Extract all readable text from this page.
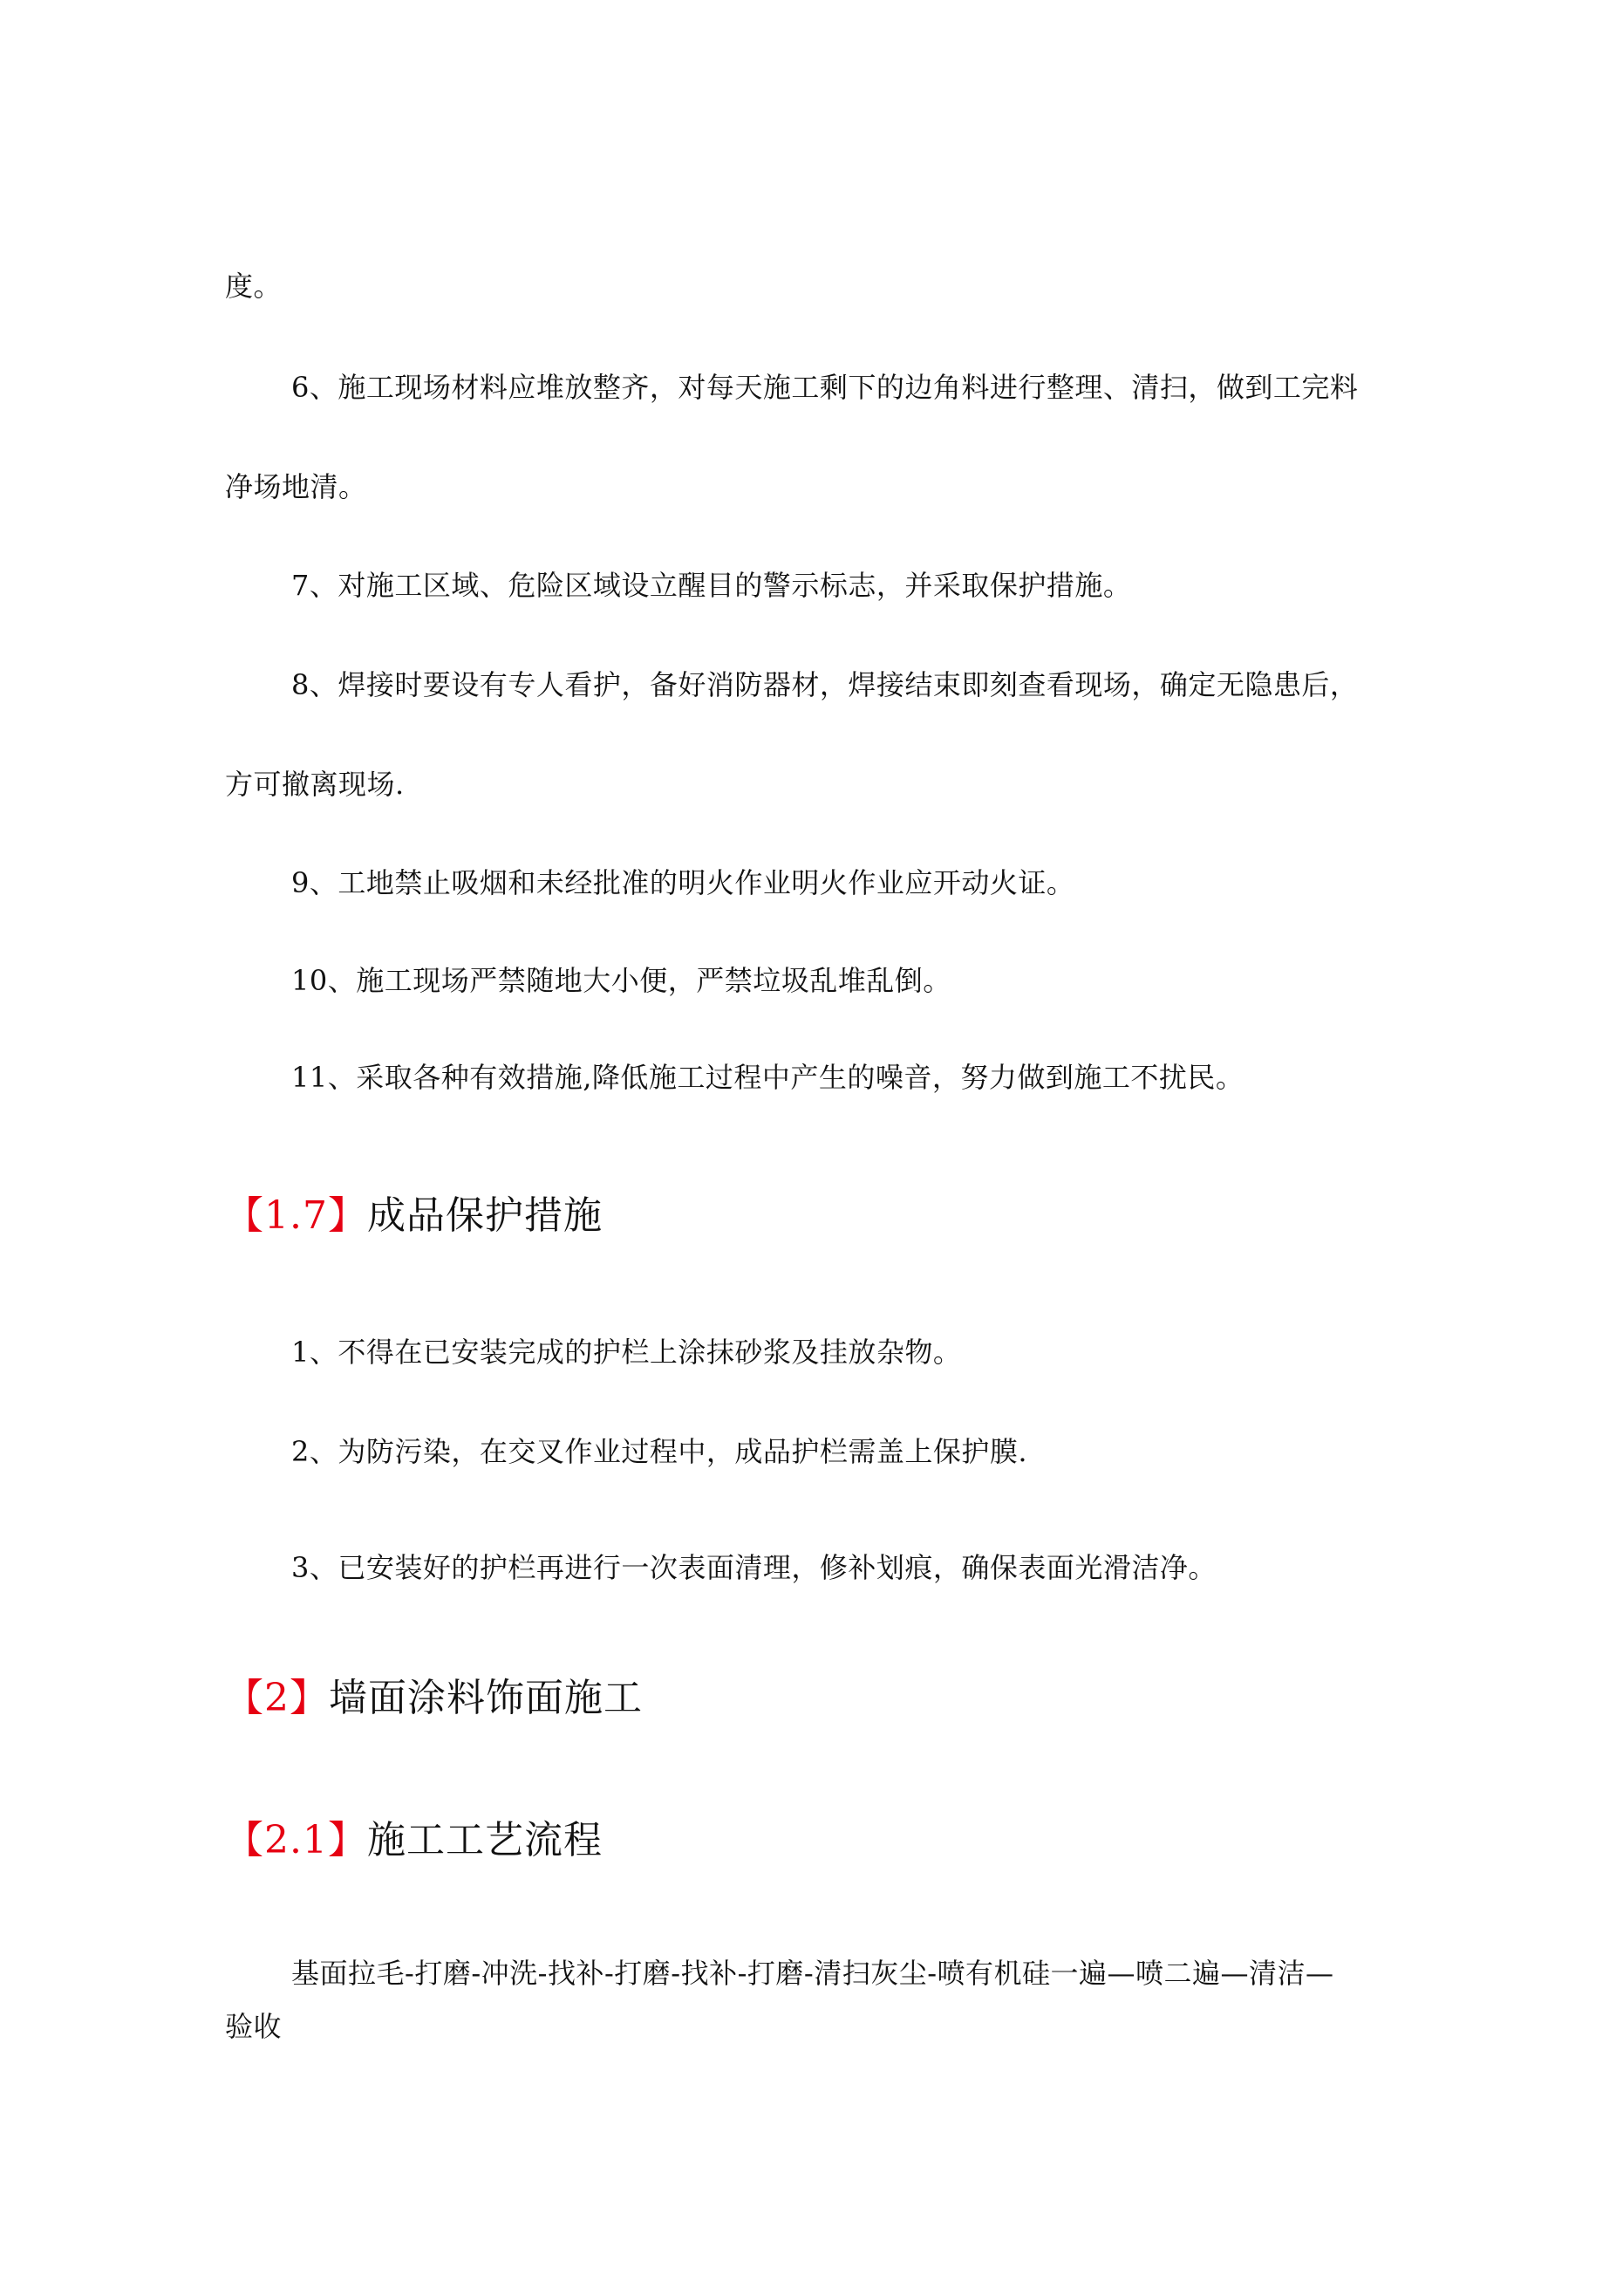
度。
6、施工现场材料应堆放整齐，对每天施工剩下的边角料进行整理、清扫，做到工完料
净场地清。
7、对施工区域、危险区域设立醒目的警示标志，并采取保护措施。
8、焊接时要设有专人看护，备好消防器材，焊接结束即刻查看现场，确定无隐患后，
方可撤离现场.
9、工地禁止吸烟和未经批准的明火作业明火作业应开动火证。
10、施工现场严禁随地大小便，严禁垃圾乱堆乱倒。
11、采取各种有效措施,降低施工过程中产生的噪音，努力做到施工不扰民。
【1.7】成品保护措施
1、不得在已安装完成的护栏上涂抹砂浆及挂放杂物。
2、为防污染，在交叉作业过程中，成品护栏需盖上保护膜.
3、已安装好的护栏再进行一次表面清理，修补划痕，确保表面光滑洁净。
【2】墙面涂料饰面施工
【2.1】施工工艺流程
基面拉毛-打磨-冲洗-找补-打磨-找补-打磨-清扫灰尘-喷有机硅一遍—喷二遍—清洁—
验收
